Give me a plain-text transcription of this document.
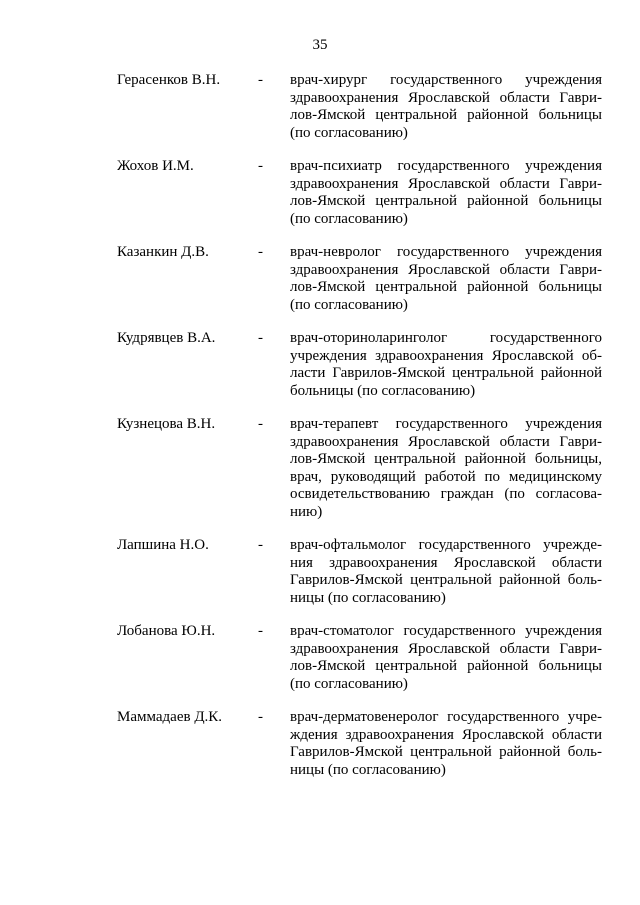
35
Герасенков В.Н.	- врач-хирург государственного учреждения
здравоохранения Ярославской области Гаври-
лов-Ямской центральной районной больницы
(по согласованию)
Жохов И.М.	- врач-психиатр государственного учреждения
здравоохранения Ярославской области Гаври-
лов-Ямской центральной районной больницы
(по согласованию)
Казанкин Д.В.	- врач-невролог государственного учреждения
здравоохранения Ярославской области Гаври-
лов-Ямской центральной районной больницы
(по согласованию)
Кудрявцев В.А.	- врач-оториноларинголог государственного
учреждения здравоохранения Ярославской об-
ласти Гаврилов-Ямской центральной районной
больницы (по согласованию)
Кузнецова В.Н.	- врач-терапевт государственного учреждения
здравоохранения Ярославской области Гаври-
лов-Ямской центральной районной больницы,
врач, руководящий работой по медицинскому
освидетельствованию граждан (по согласова-
нию)
Лапшина Н.О.	- врач-офтальмолог государственного учрежде-
ния здравоохранения Ярославской области
Гаврилов-Ямской центральной районной боль-
ницы (по согласованию)
Лобанова Ю.Н.	- врач-стоматолог государственного учреждения
здравоохранения Ярославской области Гаври-
лов-Ямской центральной районной больницы
(по согласованию)
Маммадаев Д.К. - врач-дерматовенеролог государственного учре-
ждения здравоохранения Ярославской области
Гаврилов-Ямской центральной районной боль-
ницы (по согласованию)
